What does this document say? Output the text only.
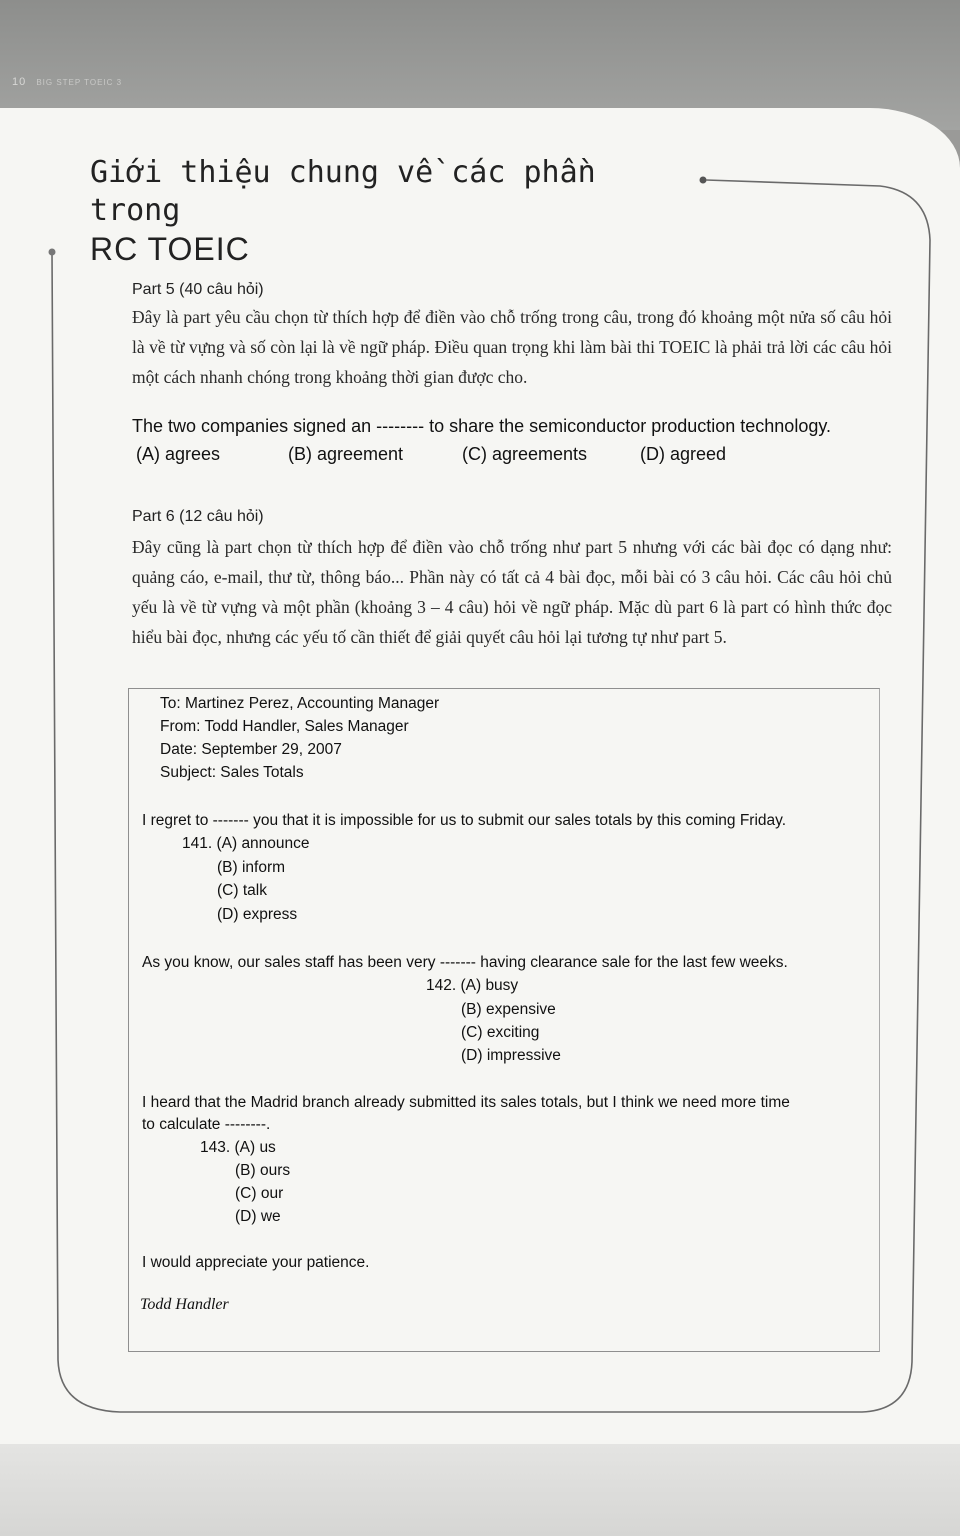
10 BIG STEP TOEIC 3
Giới thiệu chung về các phần trong
RC TOEIC
Part 5 (40 câu hỏi)
Đây là part yêu cầu chọn từ thích hợp để điền vào chỗ trống trong câu, trong đó khoảng một nửa số câu hỏi là về từ vựng và số còn lại là về ngữ pháp. Điều quan trọng khi làm bài thi TOEIC là phải trả lời các câu hỏi một cách nhanh chóng trong khoảng thời gian được cho.
The two companies signed an -------- to share the semiconductor production technology.
(A) agrees	(B) agreement	(C) agreements	(D) agreed
Part 6 (12 câu hỏi)
Đây cũng là part chọn từ thích hợp để điền vào chỗ trống như part 5 nhưng với các bài đọc có dạng như: quảng cáo, e-mail, thư từ, thông báo... Phần này có tất cả 4 bài đọc, mỗi bài có 3 câu hỏi. Các câu hỏi chủ yếu là về từ vựng và một phần (khoảng 3 – 4 câu) hỏi về ngữ pháp. Mặc dù part 6 là part có hình thức đọc hiểu bài đọc, nhưng các yếu tố cần thiết để giải quyết câu hỏi lại tương tự như part 5.
To: Martinez Perez, Accounting Manager
From: Todd Handler, Sales Manager
Date: September 29, 2007
Subject: Sales Totals
I regret to ------- you that it is impossible for us to submit our sales totals by this coming Friday.
141. (A) announce
(B) inform
(C) talk
(D) express
As you know, our sales staff has been very ------- having clearance sale for the last few weeks.
142. (A) busy
(B) expensive
(C) exciting
(D) impressive
I heard that the Madrid branch already submitted its sales totals, but I think we need more time
to calculate --------.
143. (A) us
(B) ours
(C) our
(D) we
I would appreciate your patience.
Todd Handler
